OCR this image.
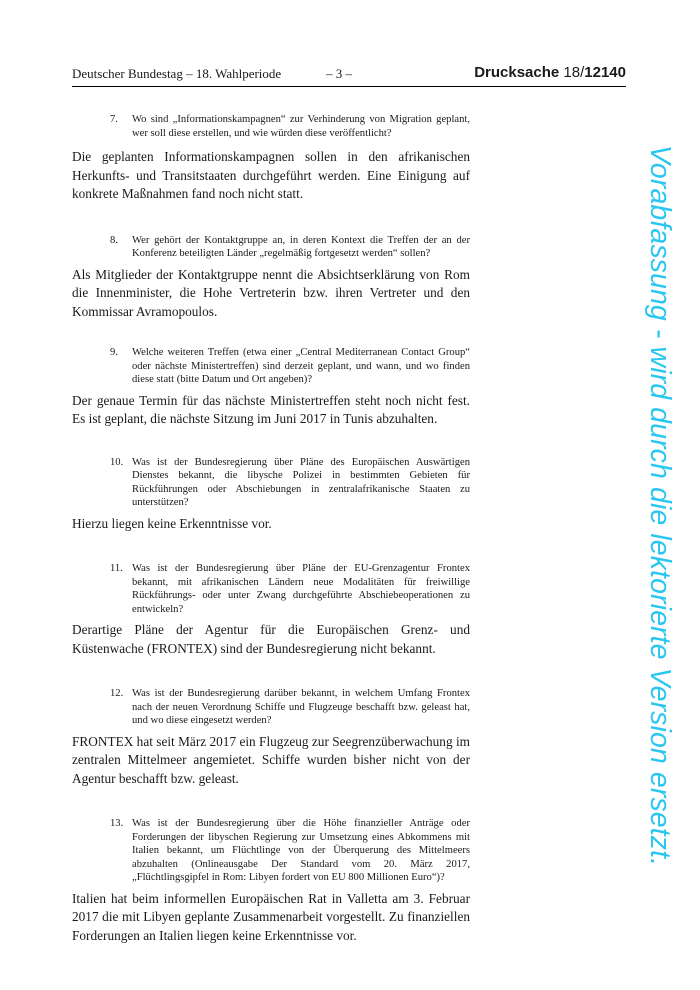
Deutscher Bundestag – 18. Wahlperiode	– 3 –	Drucksache 18/12140
7.	Wo sind „Informationskampagnen“ zur Verhinderung von Migration geplant, wer soll diese erstellen, und wie würden diese veröffentlicht?
Die geplanten Informationskampagnen sollen in den afrikanischen Herkunfts- und Transitstaaten durchgeführt werden. Eine Einigung auf konkrete Maßnahmen fand noch nicht statt.
8.	Wer gehört der Kontaktgruppe an, in deren Kontext die Treffen der an der Konferenz beteiligten Länder „regelmäßig fortgesetzt werden“ sollen?
Als Mitglieder der Kontaktgruppe nennt die Absichtserklärung von Rom die Innenminister, die Hohe Vertreterin bzw. ihren Vertreter und den Kommissar Avramopoulos.
9.	Welche weiteren Treffen (etwa einer „Central Mediterranean Contact Group“ oder nächste Ministertreffen) sind derzeit geplant, und wann, und wo finden diese statt (bitte Datum und Ort angeben)?
Der genaue Termin für das nächste Ministertreffen steht noch nicht fest. Es ist geplant, die nächste Sitzung im Juni 2017 in Tunis abzuhalten.
10. Was ist der Bundesregierung über Pläne des Europäischen Auswärtigen Dienstes bekannt, die libysche Polizei in bestimmten Gebieten für Rückführungen oder Abschiebungen in zentralafrikanische Staaten zu unterstützen?
Hierzu liegen keine Erkenntnisse vor.
11. Was ist der Bundesregierung über Pläne der EU-Grenzagentur Frontex bekannt, mit afrikanischen Ländern neue Modalitäten für freiwillige Rückführungs- oder unter Zwang durchgeführte Abschiebeoperationen zu entwickeln?
Derartige Pläne der Agentur für die Europäischen Grenz- und Küstenwache (FRONTEX) sind der Bundesregierung nicht bekannt.
12. Was ist der Bundesregierung darüber bekannt, in welchem Umfang Frontex nach der neuen Verordnung Schiffe und Flugzeuge beschafft bzw. geleast hat, und wo diese eingesetzt werden?
FRONTEX hat seit März 2017 ein Flugzeug zur Seegrenzüberwachung im zentralen Mittelmeer angemietet. Schiffe wurden bisher nicht von der Agentur beschafft bzw. geleast.
13. Was ist der Bundesregierung über die Höhe finanzieller Anträge oder Forderungen der libyschen Regierung zur Umsetzung eines Abkommens mit Italien bekannt, um Flüchtlinge von der Überquerung des Mittelmeers abzuhalten (Onlineausgabe Der Standard vom 20. März 2017, „Flüchtlingsgipfel in Rom: Libyen fordert von EU 800 Millionen Euro“)?
Italien hat beim informellen Europäischen Rat in Valletta am 3. Februar 2017 die mit Libyen geplante Zusammenarbeit vorgestellt. Zu finanziellen Forderungen an Italien liegen keine Erkenntnisse vor.
Vorabfassung - wird durch die lektorierte Version ersetzt.
